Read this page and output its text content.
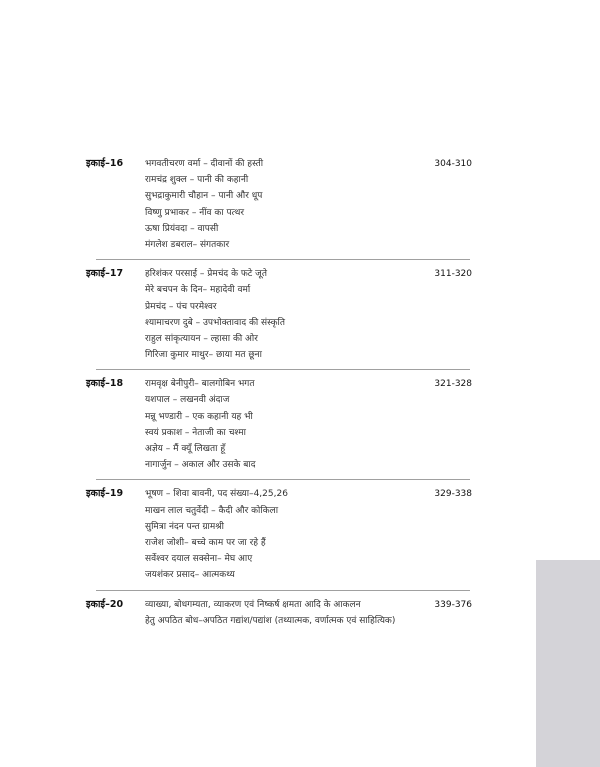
इकाई–16 भगवतीचरण वर्मा – दीवानों की हस्ती
रामचंद्र शुक्ल – पानी की कहानी
सुभद्राकुमारी चौहान – पानी और धूप
विष्णु प्रभाकर – नींव का पत्थर
ऊषा प्रियंवदा – वापसी
मंगलेश डबराल– संगतकार
304-310
इकाई–17 हरिशंकर परसाई – प्रेमचंद के फटे जूते
मेरे बचपन के दिन– महादेवी वर्मा
प्रेमचंद – पंच परमेश्वर
श्यामाचरण दुबे – उपभोक्तावाद की संस्कृति
राहुल सांकृत्यायन – ल्हासा की ओर
गिरिजा कुमार माथुर– छाया मत छूना
311-320
इकाई–18 रामवृक्ष बेनीपुरी– बालगोबिन भगत
यशपाल – लखनवी अंदाज
मन्नू भण्डारी – एक कहानी यह भी
स्वयं प्रकाश – नेताजी का चश्मा
अज्ञेय – मैं क्यूँ लिखता हूँ
नागार्जुन – अकाल और उसके बाद
321-328
इकाई–19 भूषण – शिवा बावनी, पद संख्या–4,25,26
माखन लाल चतुर्वेदी – कैदी और कोकिला
सुमित्रा नंदन पन्त ग्रामश्री
राजेश जोशी– बच्चे काम पर जा रहे हैं
सर्वेश्वर दयाल सक्सेना– मेघ आए
जयशंकर प्रसाद– आत्मकथ्य
329-338
इकाई–20 व्याख्या, बोधगम्यता, व्याकरण एवं निष्कर्ष क्षमता आदि के आकलन
हेतु अपठित बोध–अपठित गद्यांश/पद्यांश (तथ्यात्मक, वर्णात्मक एवं साहित्यिक)
339-376
